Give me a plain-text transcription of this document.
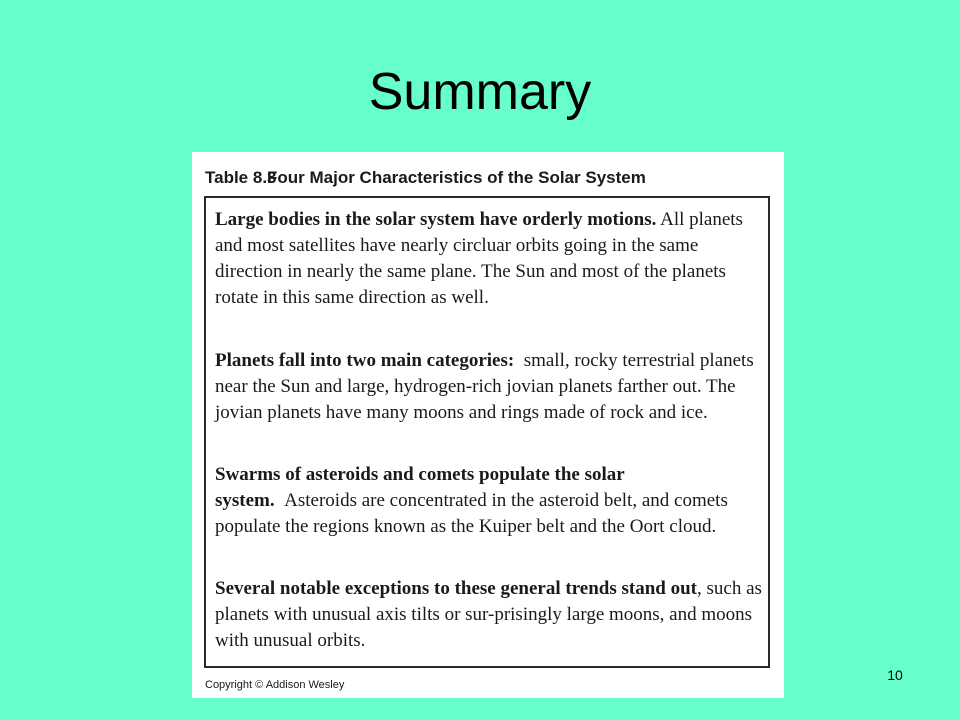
Summary
Table 8.3Four Major Characteristics of the Solar System

Large bodies in the solar system have orderly motions. All planets and most satellites have nearly circluar orbits going in the same direction in nearly the same plane. The Sun and most of the planets rotate in this same direction as well.

Planets fall into two main categories: small, rocky terrestrial planets near the Sun and large, hydrogen-rich jovian planets farther out. The jovian planets have many moons and rings made of rock and ice.

Swarms of asteroids and comets populate the solar system. Asteroids are concentrated in the asteroid belt, and comets populate the regions known as the Kuiper belt and the Oort cloud.

Several notable exceptions to these general trends stand out, such as planets with unusual axis tilts or sur-prisingly large moons, and moons with unusual orbits.

Copyright © Addison Wesley
10
